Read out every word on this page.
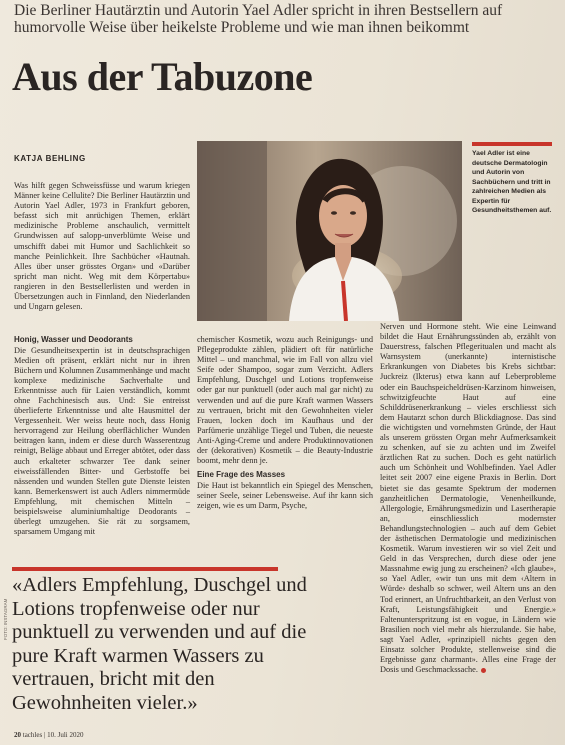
Die Berliner Hautärztin und Autorin Yael Adler spricht in ihren Bestsellern auf humorvolle Weise über heikelste Probleme und wie man ihnen beikommt

Aus der Tabuzone
KATJA BEHLING
Yael Adler ist eine deutsche Dermatologin und Autorin von Sachbüchern und tritt in zahlreichen Medien als Expertin für Gesundheitsthemen auf.
Was hilft gegen Schweissfüsse und warum kriegen Männer keine Cellulite? Die Berliner Hautärztin und Autorin Yael Adler, 1973 in Frankfurt geboren, befasst sich mit anrüchigen Themen, erklärt medizinische Probleme anschaulich, vermittelt Grundwissen auf salopp-unverblümte Weise und umschifft dabei mit Humor und Sachlichkeit so manche Peinlichkeit. Ihre Sachbücher «Hautnah. Alles über unser grösstes Organ» und «Darüber spricht man nicht. Weg mit dem Körpertabu» rangieren in den Bestsellerlisten und werden in Übersetzungen auch in Finnland, den Niederlanden und Ungarn gelesen.
Honig, Wasser und Deodorants
Die Gesundheitsexpertin ist in deutschsprachigen Medien oft präsent, erklärt nicht nur in ihren Büchern und Kolumnen Zusammenhänge und macht komplexe medizinische Sachverhalte und Erkenntnisse auch für Laien verständlich, kommt ohne Fachchinesisch aus. Und: Sie entreisst überlieferte Erkenntnisse und alte Hausmittel der Vergessenheit. Wer weiss heute noch, dass Honig hervorragend zur Heilung oberflächlicher Wunden beitragen kann, indem er diese durch Wasserentzug reinigt, Beläge abbaut und Erreger abtötet, oder dass auch erkalteter schwarzer Tee dank seiner eiweissfällenden Bitter- und Gerbstoffe bei nässenden und wunden Stellen gute Dienste leisten kann. Bemerkenswert ist auch Adlers nimmermüde Empfehlung, mit chemischen Mitteln – beispielsweise aluminiumhaltige Deodorants – überlegt umzugehen. Sie rät zu sorgsamem, sparsamem Umgang mit
chemischer Kosmetik, wozu auch Reinigungs- und Pflegeprodukte zählen, plädiert oft für natürliche Mittel – und manchmal, wie im Fall von allzu viel Seife oder Shampoo, sogar zum Verzicht. Adlers Empfehlung, Duschgel und Lotions tropfenweise oder gar nur punktuell (oder auch mal gar nicht) zu verwenden und auf die pure Kraft warmen Wassers zu vertrauen, bricht mit den Gewohnheiten vieler Frauen, locken doch im Kaufhaus und der Parfümerie unzählige Tiegel und Tuben, die neueste Anti-Aging-Creme und andere Produktinnovationen der (dekorativen) Kosmetik – die Beauty-Industrie boomt, mehr denn je.
Eine Frage des Masses
Die Haut ist bekanntlich ein Spiegel des Menschen, seiner Seele, seiner Lebensweise. Auf ihr kann sich zeigen, wie es um Darm, Psyche,
Nerven und Hormone steht. Wie eine Leinwand bildet die Haut Ernährungssünden ab, erzählt von Dauerstress, falschen Pflegeritualen und macht als Warnsystem (unerkannte) internistische Erkrankungen von Diabetes bis Krebs sichtbar: Juckreiz (Ikterus) etwa kann auf Leberprobleme oder ein Bauchspeicheldrüsen-Karzinom hinweisen, schwitzigfeuchte Haut auf eine Schilddrüsenerkrankung – vieles erschliesst sich dem Hautarzt schon durch Blickdiagnose. Das sind die wichtigsten und vornehmsten Gründe, der Haut als unserem grössten Organ mehr Aufmerksamkeit zu schenken, auf sie zu achten und im Zweifel ärztlichen Rat zu suchen. Doch es geht natürlich auch um Schönheit und Wohlbefinden. Yael Adler leitet seit 2007 eine eigene Praxis in Berlin. Dort bietet sie das gesamte Spektrum der modernen ganzheitlichen Dermatologie, Venenheilkunde, Allergologie, Ernährungsmedizin und Lasertherapie an, einschliesslich modernster Behandlungstechnologien – auch auf dem Gebiet der ästhetischen Dermatologie und medizinischen Kosmetik. Warum investieren wir so viel Zeit und Geld in das Versprechen, durch diese oder jene Massnahme ewig jung zu erscheinen? «Ich glaube», so Yael Adler, «wir tun uns mit dem ‹Altern in Würde› deshalb so schwer, weil Altern uns an den Tod erinnert, an Unfruchtbarkeit, an den Verlust von Kraft, Leistungsfähigkeit und Energie.» Faltenunterspritzung ist en vogue, in Ländern wie Brasilien noch viel mehr als hierzulande. Sie habe, sagt Yael Adler, «prinzipiell nichts gegen den Einsatz solcher Produkte, stellenweise sind die Ergebnisse ganz charmant». Alles eine Frage der Dosis und Geschmackssache.
«Adlers Empfehlung, Duschgel und Lotions tropfenweise oder nur punktuell zu verwenden und auf die pure Kraft warmen Wassers zu vertrauen, bricht mit den Gewohnheiten vieler.»
FOTO: INSTAGRAM
20 tachles | 10. Juli 2020
